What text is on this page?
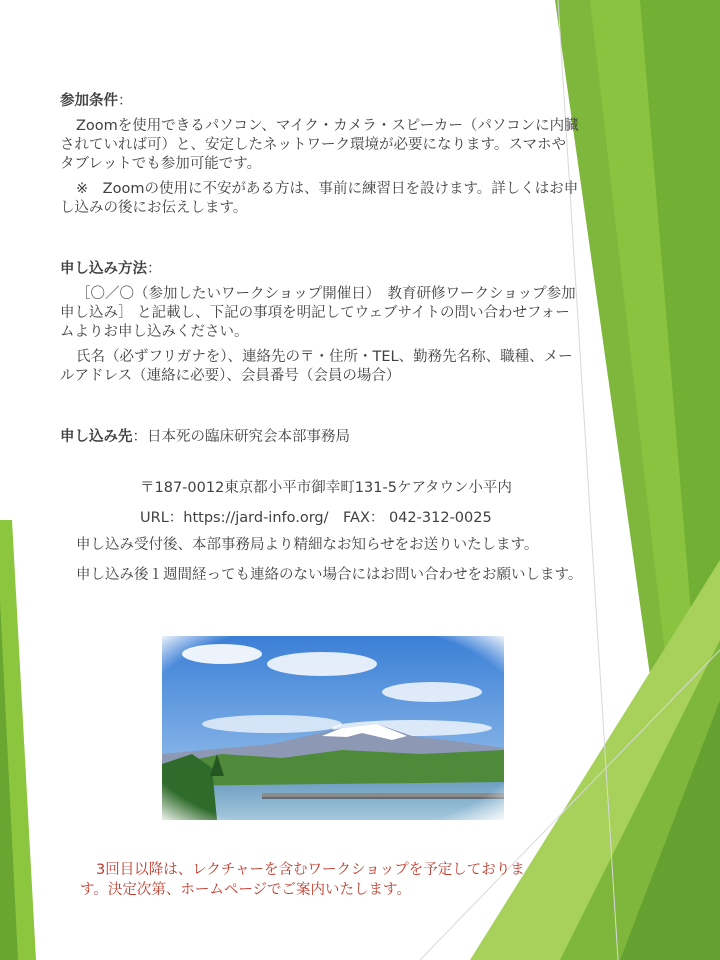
参加条件：

Zoomを使用できるパソコン、マイク・カメラ・スピーカー（パソコンに内臓されていれば可）と、安定したネットワーク環境が必要になります。スマホやタブレットでも参加可能です。

※　Zoomの使用に不安がある方は、事前に練習日を設けます。詳しくはお申し込みの後にお伝えします。

申し込み方法：

［〇／〇（参加したいワークショップ開催日）　教育研修ワークショップ参加申し込み］ と記載し、下記の事項を明記してウェブサイトの問い合わせフォームよりお申し込みください。

氏名（必ずフリガナを）、連絡先の〒・住所・TEL、勤務先名称、職種、メールアドレス（連絡に必要）、会員番号（会員の場合）

申し込み先：日本死の臨床研究会本部事務局

〒187-0012東京都小平市御幸町131-5ケアタウン小平内
URL：https://jard-info.org/　FAX： 042-312-0025

申し込み受付後、本部事務局より精細なお知らせをお送りいたします。

申し込み後１週間経っても連絡のない場合にはお問い合わせをお願いします。

3回目以降は、レクチャーを含むワークショップを予定しております。決定次第、ホームページでご案内いたします。
